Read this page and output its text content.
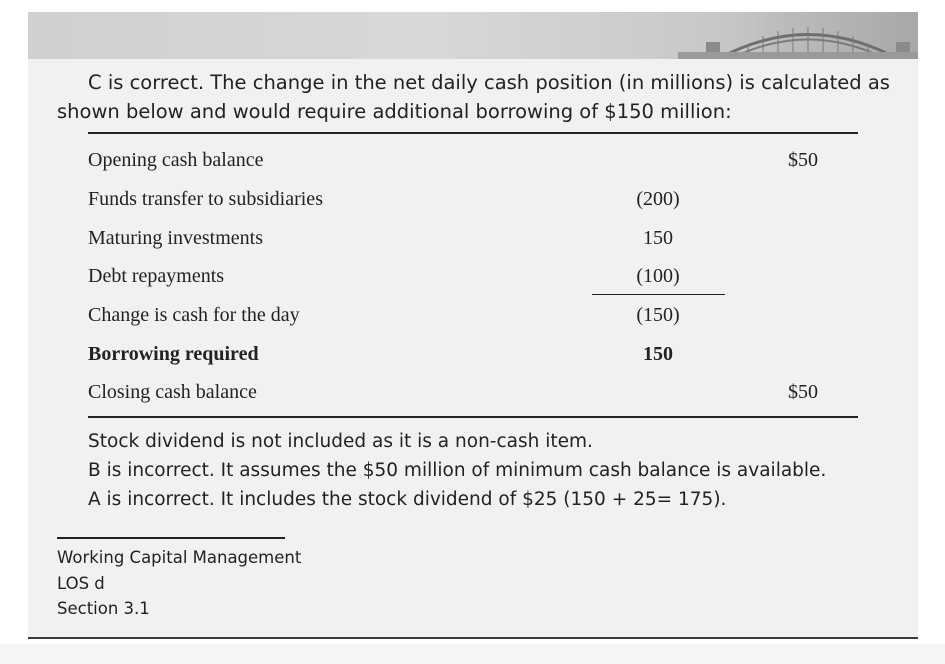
C is correct. The change in the net daily cash position (in millions) is calculated as
shown below and would require additional borrowing of $150 million:
Opening cash balance	$50
Funds transfer to subsidiaries	(200)
Maturing investments	150
Debt repayments	(100)
Change is cash for the day	(150)
Borrowing required	150
Closing cash balance	$50
Stock dividend is not included as it is a non-cash item.
B is incorrect. It assumes the $50 million of minimum cash balance is available.
A is incorrect. It includes the stock dividend of $25 (150 + 25= 175).
Working Capital Management
LOS d
Section 3.1
